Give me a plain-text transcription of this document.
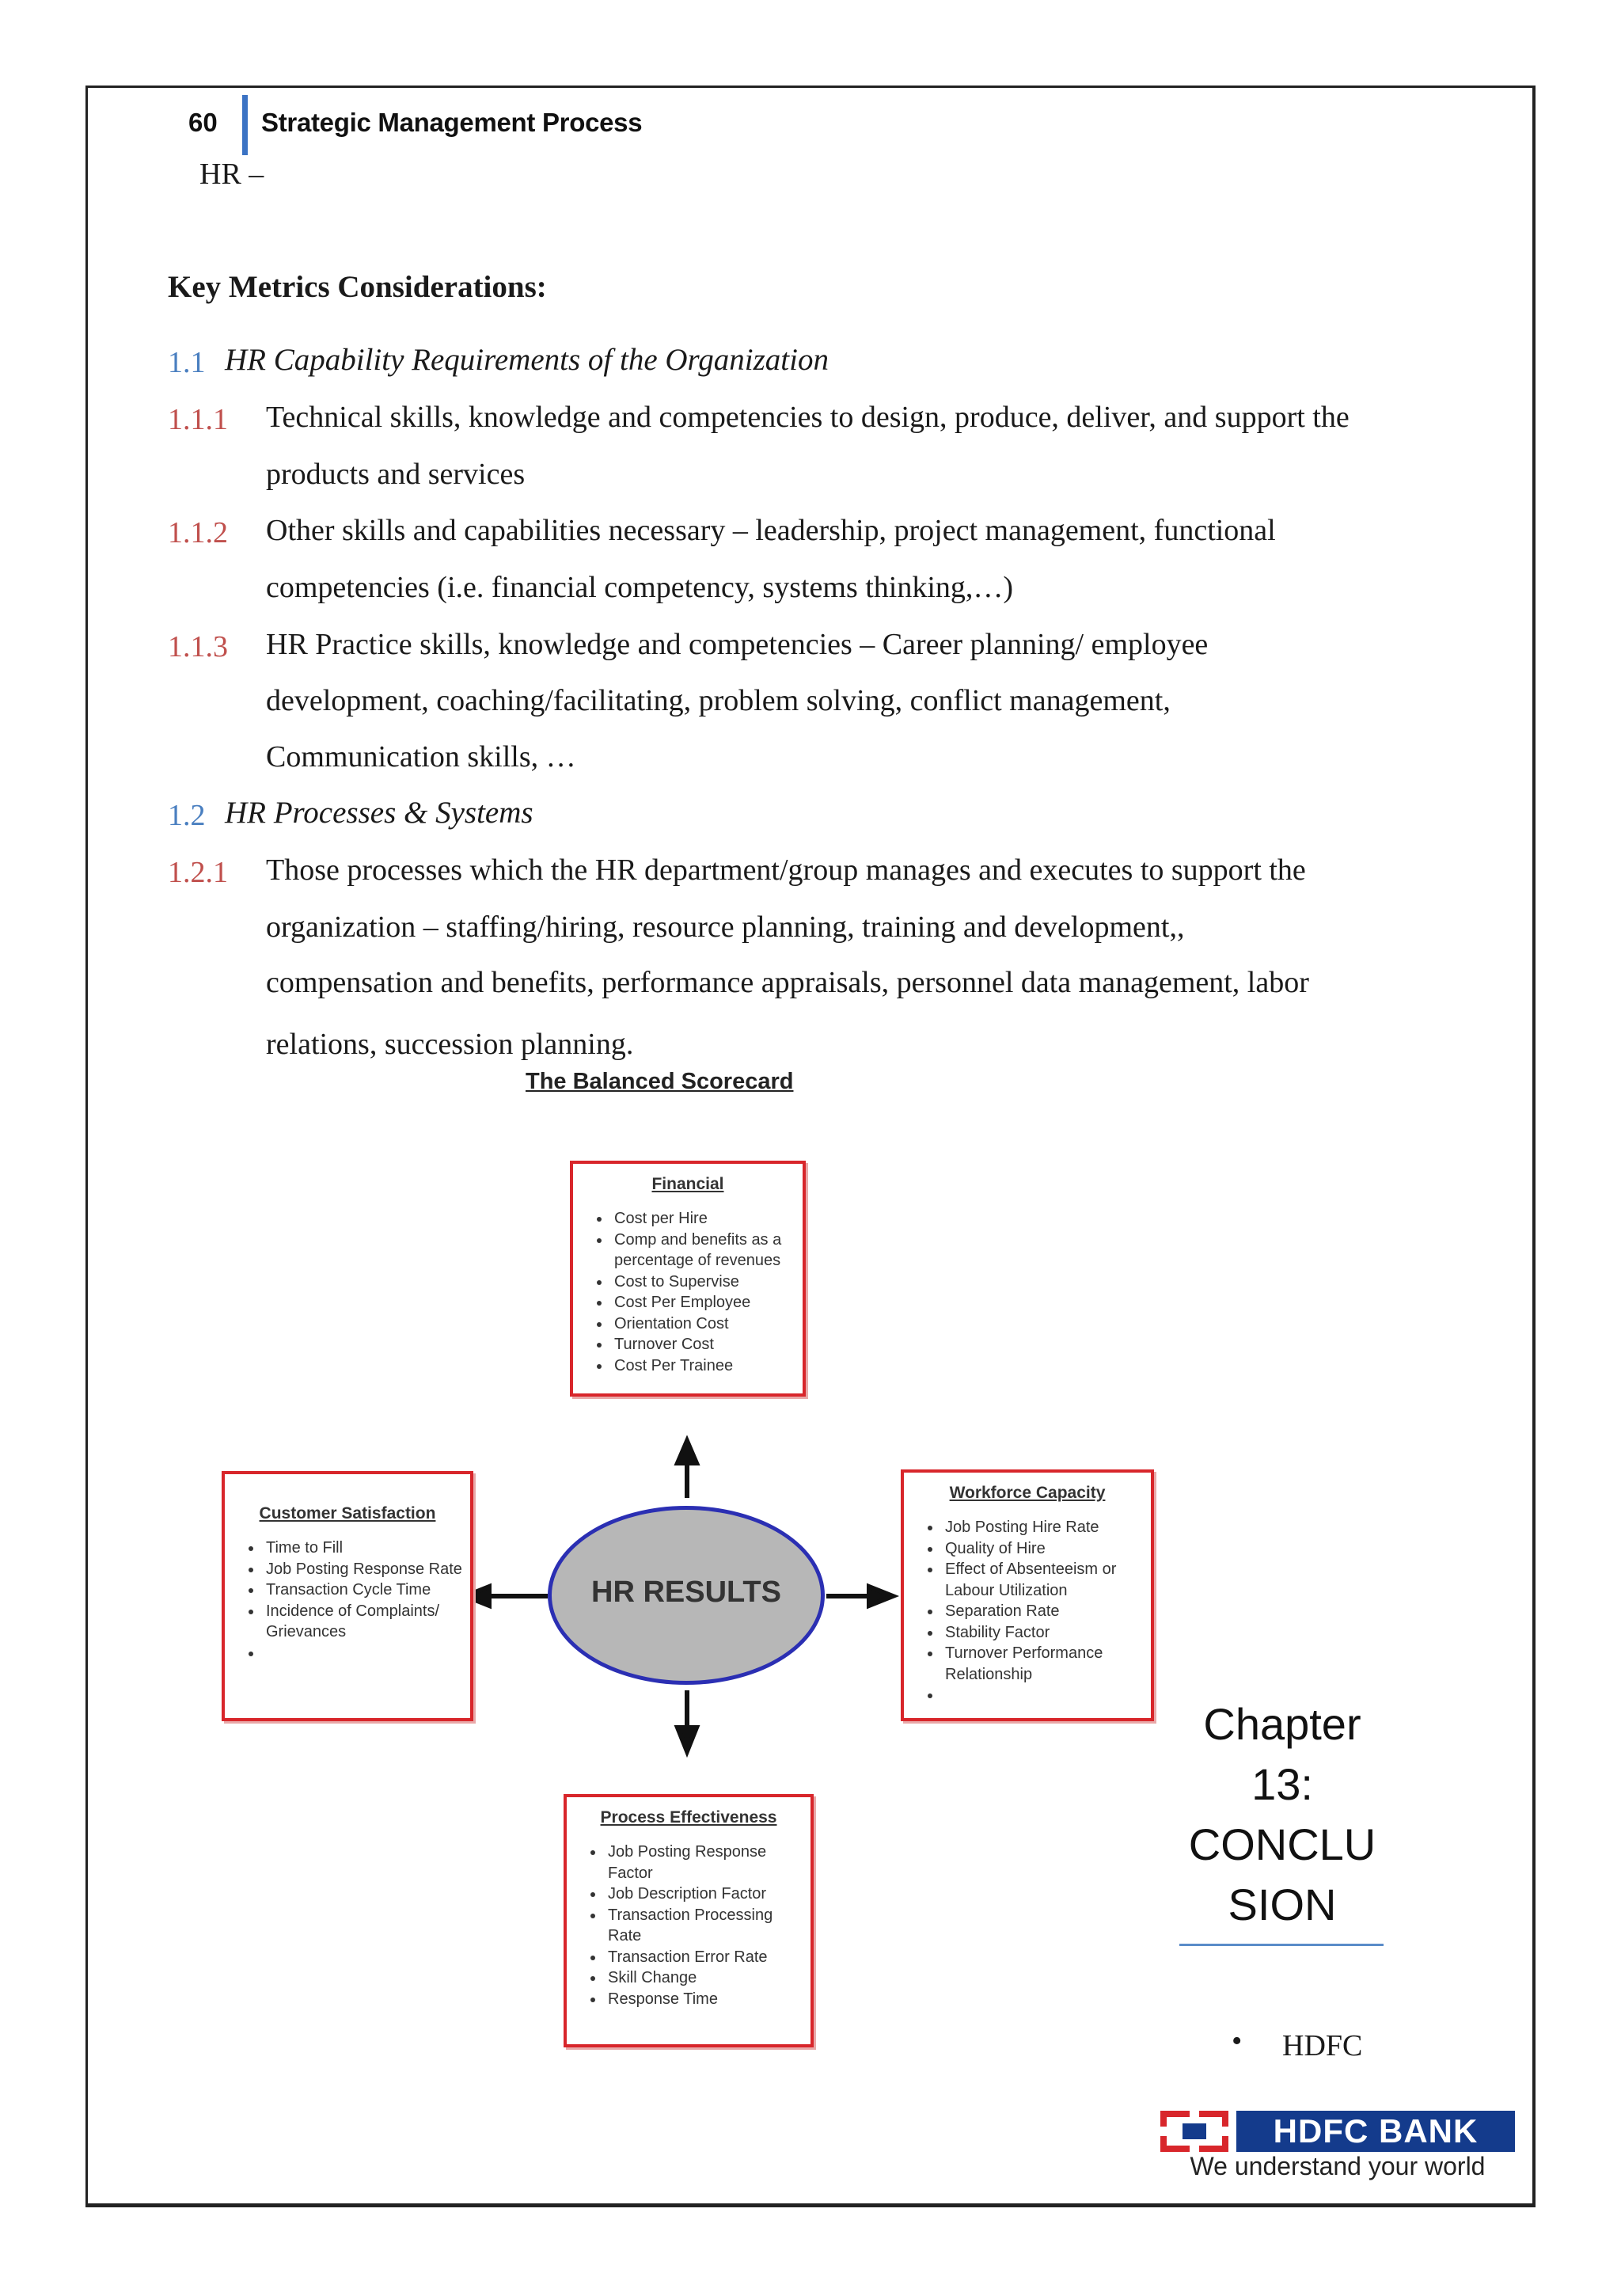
60 Strategic Management Process
HR –
Key Metrics Considerations:
1.1 HR Capability Requirements of the Organization
1.1.1 Technical skills, knowledge and competencies to design, produce, deliver, and support the
products and services
1.1.2 Other skills and capabilities necessary – leadership, project management, functional
competencies (i.e. financial competency, systems thinking,…)
1.1.3 HR Practice skills, knowledge and competencies – Career planning/ employee
development, coaching/facilitating, problem solving, conflict management,
Communication skills, …
1.2 HR Processes & Systems
1.2.1 Those processes which the HR department/group manages and executes to support the
organization – staffing/hiring, resource planning, training and development,,
compensation and benefits, performance appraisals, personnel data management, labor
relations, succession planning.
The Balanced Scorecard
HR RESULTS
Financial
• Cost per Hire
• Comp and benefits as a percentage of revenues
• Cost to Supervise
• Cost Per Employee
• Orientation Cost
• Turnover Cost
• Cost Per Trainee
Customer Satisfaction
• Time to Fill
• Job Posting Response Rate
• Transaction Cycle Time
• Incidence of Complaints/ Grievances
•
Workforce Capacity
• Job Posting Hire Rate
• Quality of Hire
• Effect of Absenteeism or Labour Utilization
• Separation Rate
• Stability Factor
• Turnover Performance Relationship
•
Process Effectiveness
• Job Posting Response Factor
• Job Description Factor
• Transaction Processing Rate
• Transaction Error Rate
• Skill Change
• Response Time
Chapter
13:
CONCLU
SION
• HDFC
HDFC BANK
We understand your world
